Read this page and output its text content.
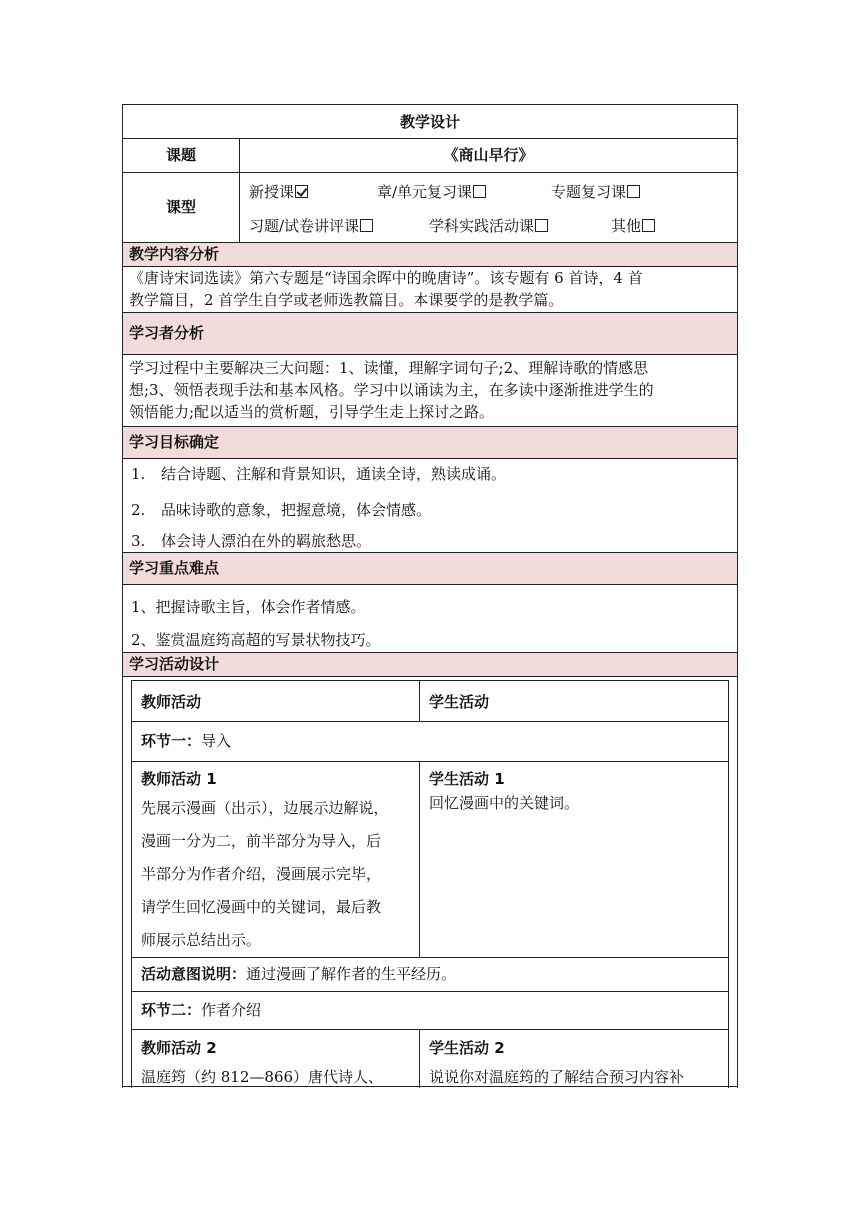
教学设计
课题	《商山早行》
课型
新授课	章/单元复习课	专题复习课
习题/试卷讲评课	学科实践活动课	其他
教学内容分析
《唐诗宋词选读》第六专题是“诗国余晖中的晚唐诗”。该专题有 6 首诗，4 首
教学篇目，2 首学生自学或老师选教篇目。本课要学的是教学篇。
学习者分析
学习过程中主要解决三大问题：1、读懂，理解字词句子;2、理解诗歌的情感思
想;3、领悟表现手法和基本风格。学习中以诵读为主，在多读中逐渐推进学生的
领悟能力;配以适当的赏析题，引导学生走上探讨之路。
学习目标确定
1. 结合诗题、注解和背景知识，通读全诗，熟读成诵。
2. 品味诗歌的意象，把握意境，体会情感。
3. 体会诗人漂泊在外的羁旅愁思。
学习重点难点
1、把握诗歌主旨，体会作者情感。
2、鉴赏温庭筠高超的写景状物技巧。
学习活动设计
教师活动	学生活动
环节一：导入
教师活动 1
先展示漫画（出示），边展示边解说，
漫画一分为二，前半部分为导入，后
半部分为作者介绍，漫画展示完毕，
请学生回忆漫画中的关键词，最后教
师展示总结出示。
学生活动 1
回忆漫画中的关键词。
活动意图说明：通过漫画了解作者的生平经历。
环节二：作者介绍
教师活动 2
温庭筠（约 812—866）唐代诗人、
学生活动 2
说说你对温庭筠的了解结合预习内容补
